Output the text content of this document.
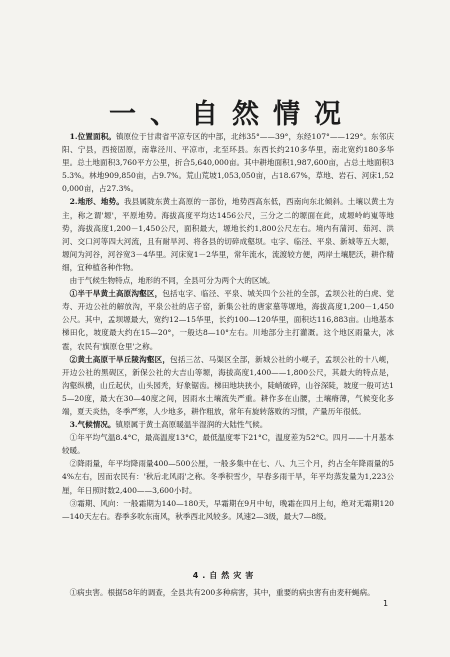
一、自然情况

1.位置面积。镇原位于甘肃省平凉专区的中部，北纬35°——39°，东经107°——129°。东邻庆阳、宁县，西接固原，南靠泾川、平凉市，北至环县。东西长约210多华里，南北宽约180多华里。总土地面积3,760平方公里，折合5,640,000亩。其中耕地面积1,987,600亩，占总土地面积35.3%。林地909,850亩，占9.7%。荒山荒坡1,053,050亩，占18.67%，草地、岩石、河床1,520,000亩，占27.3%。

2.地形、地势。我县属陇东黄土高原的一部份，地势西高东低，西南向东北倾斜。土壤以黄土为主，称之谓'塬'，平原地势。海拔高度平均达1456公尺，三分之二的塬面在此，成塬岭屿嵬等地势，海拔高度1,200－1,450公尺，面积最大，塬地长约1,800公尺左右。境内有蒲河、茹河、洪河、交口河等四大河流，且有耐旱河、将各县的切碎成壑坝。屯字、临泾、平泉、新城等五大塬，塬间为河谷，河谷宽3－4华里。河床宽1－2华里，常年流水，流渡较方便，两岸土壤肥沃，耕作精细，宜种植各种作物。

由于气候生物特点，地形的不同，全县可分为两个大的区域。

①半干旱黄土高原沟壑区，包括屯字、临泾、平泉、城关四个公社的全部，孟坝公社的白虎、觉寿、开边公社的解放沟，平泉公社的店子窑，新集公社的唐家墓等塬地，海拔高度1,200－1,450公尺。其中，孟坝塬最大，宽约12—15华里，长约100—120华里，面积达116,883亩。山地基本梯田化，坡度最大约在15—20°，一般达8—10°左右。川地部分主打灌溉。这个地区雨量大，冰雹，农民有'旗原仓里'之称。

②黄土高原干旱丘陵沟壑区，包括三岔、马渠区全部，新城公社的小岘子，孟坝公社的十八岘，开边公社的黑砚区，新保公社的大吉山等塬，海拔高度1,400——1,800公尺，其最大的特点是，沟壑纵横，山丘起伏，山头园秃，好象锯齿。梯田地块狭小，陡峭破碎，山谷深陡，坡度一般可达15—20度，最大在30—40度之间，因雨水土壤流失严重。耕作多在山腰，土壤瘠薄，气候变化多端，夏天炎热，冬季严寒，人少地多，耕作粗放，常年有旋转落败的习惯，产量历年很低。

3.气候情况。镇原属于黄土高原暖温半湿润的大陆性气候。

①年平均气温8.4°C，最高温度13°C，最低温度零下21°C，温度差为52°C。四月——十月基本较暖。

②降雨量，年平均降雨量400—500公厘，一般多集中在七、八、九三个月，约占全年降雨量的54%左右，因而农民有：'秋后北风雨'之称。冬季积雪少，早春多雨干旱，年平均蒸发量为1,223公厘，年日照时数2,400——3,600小时。

③霜期、风向：一般霜期为140—180天，早霜期在9月中旬，晚霜在四月上旬，绝对无霜期120—140天左右。春季多吹东南风，秋季西北风较多。风速2—3级，最大7—8级。

4.自然灾害

①病虫害。根据58年的调查，全县共有200多种病害，其中，重要的病虫害有由麦秆蝇病。

1
